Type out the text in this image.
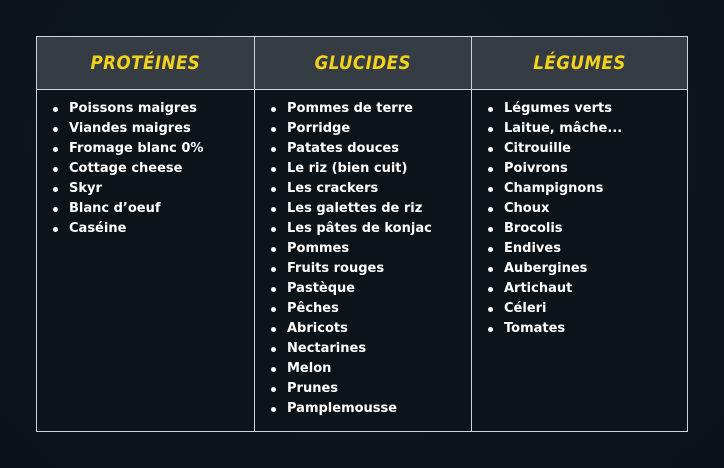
PROTÉINES	GLUCIDES	LÉGUMES
Poissons maigres
Viandes maigres
Fromage blanc 0%
Cottage cheese
Skyr
Blanc d’oeuf
Caséine
Pommes de terre
Porridge
Patates douces
Le riz (bien cuit)
Les crackers
Les galettes de riz
Les pâtes de konjac
Pommes
Fruits rouges
Pastèque
Pêches
Abricots
Nectarines
Melon
Prunes
Pamplemousse
Légumes verts
Laitue, mâche...
Citrouille
Poivrons
Champignons
Choux
Brocolis
Endives
Aubergines
Artichaut
Céleri
Tomates
